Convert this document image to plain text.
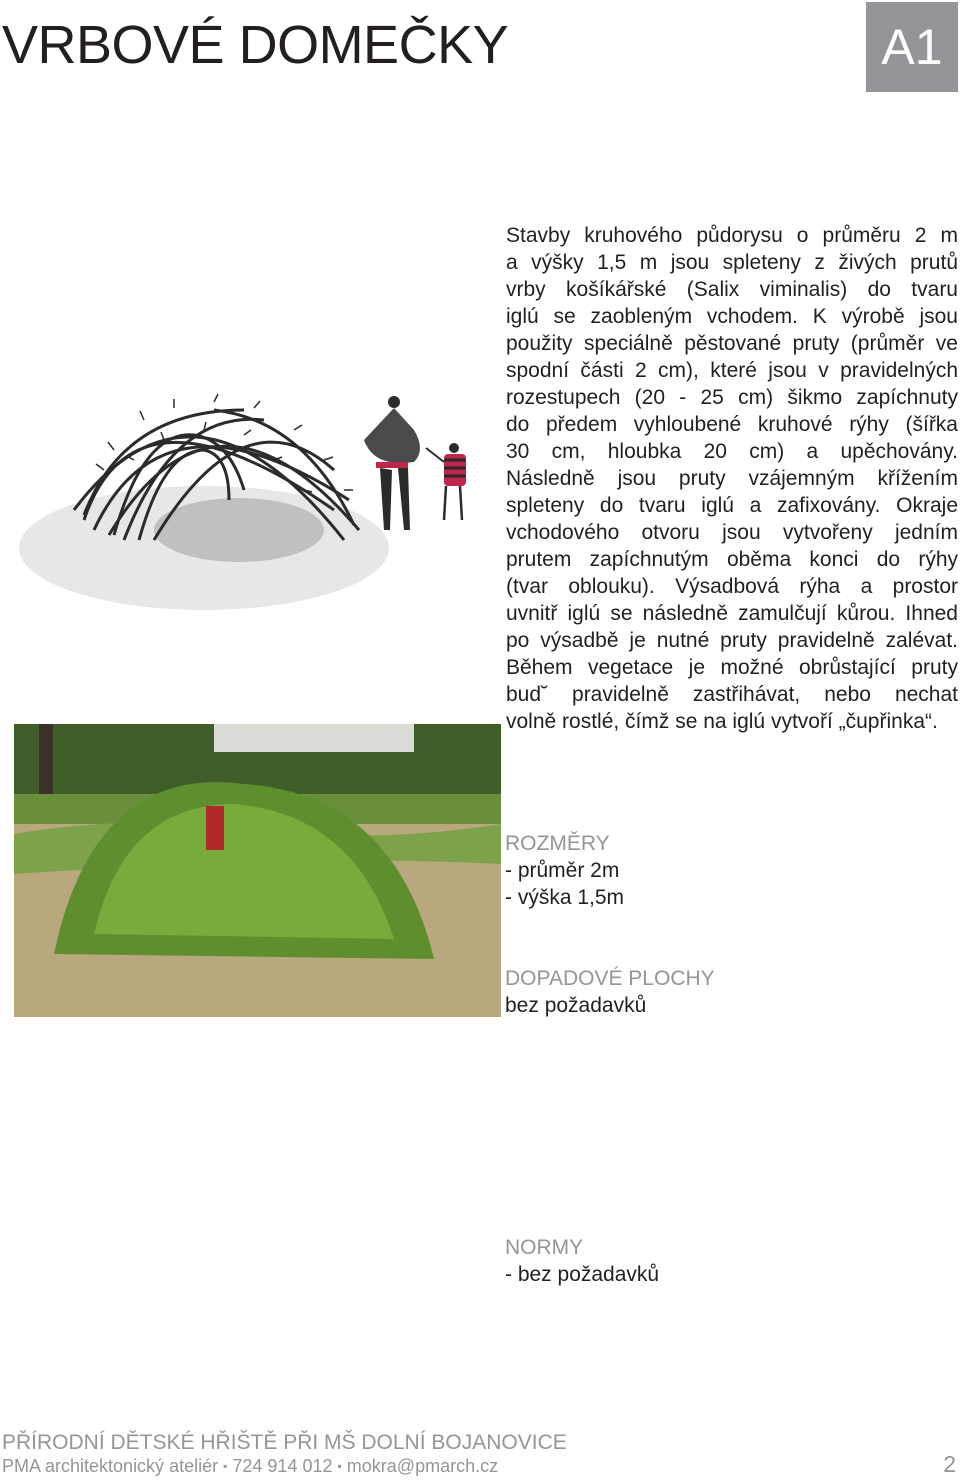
VRBOVÉ DOMEČKY	A1
Stavby kruhového půdorysu o průměru 2 m
a výšky 1,5 m jsou spleteny z živých prutů
vrby košíkářské (Salix viminalis) do tvaru
iglú se zaobleným vchodem. K výrobě jsou
použity speciálně pěstované pruty (průměr ve
spodní části 2 cm), které jsou v pravidelných
rozestupech (20 - 25 cm) šikmo zapíchnuty
do předem vyhloubené kruhové rýhy (šířka
30 cm, hloubka 20 cm) a upěchovány.
Následně jsou pruty vzájemným křížením
spleteny do tvaru iglú a zafixovány. Okraje
vchodového otvoru jsou vytvořeny jedním
prutem zapíchnutým oběma konci do rýhy
(tvar oblouku). Výsadbová rýha a prostor
uvnitř iglú se následně zamulčují kůrou. Ihned
po výsadbě je nutné pruty pravidelně zalévat.
Během vegetace je možné obrůstající pruty
bud˘ pravidelně zastřihávat, nebo nechat
volně rostlé, čímž se na iglú vytvoří „čupřinka“.
ROZMĚRY
- průměr 2m
- výška 1,5m
DOPADOVÉ PLOCHY
bez požadavků
NORMY
- bez požadavků
PŘÍRODNÍ DĚTSKÉ HŘIŠTĚ PŘI MŠ DOLNÍ BOJANOVICE
PMA architektonický ateliér ▪ 724 914 012 ▪ mokra@pmarch.cz	2
